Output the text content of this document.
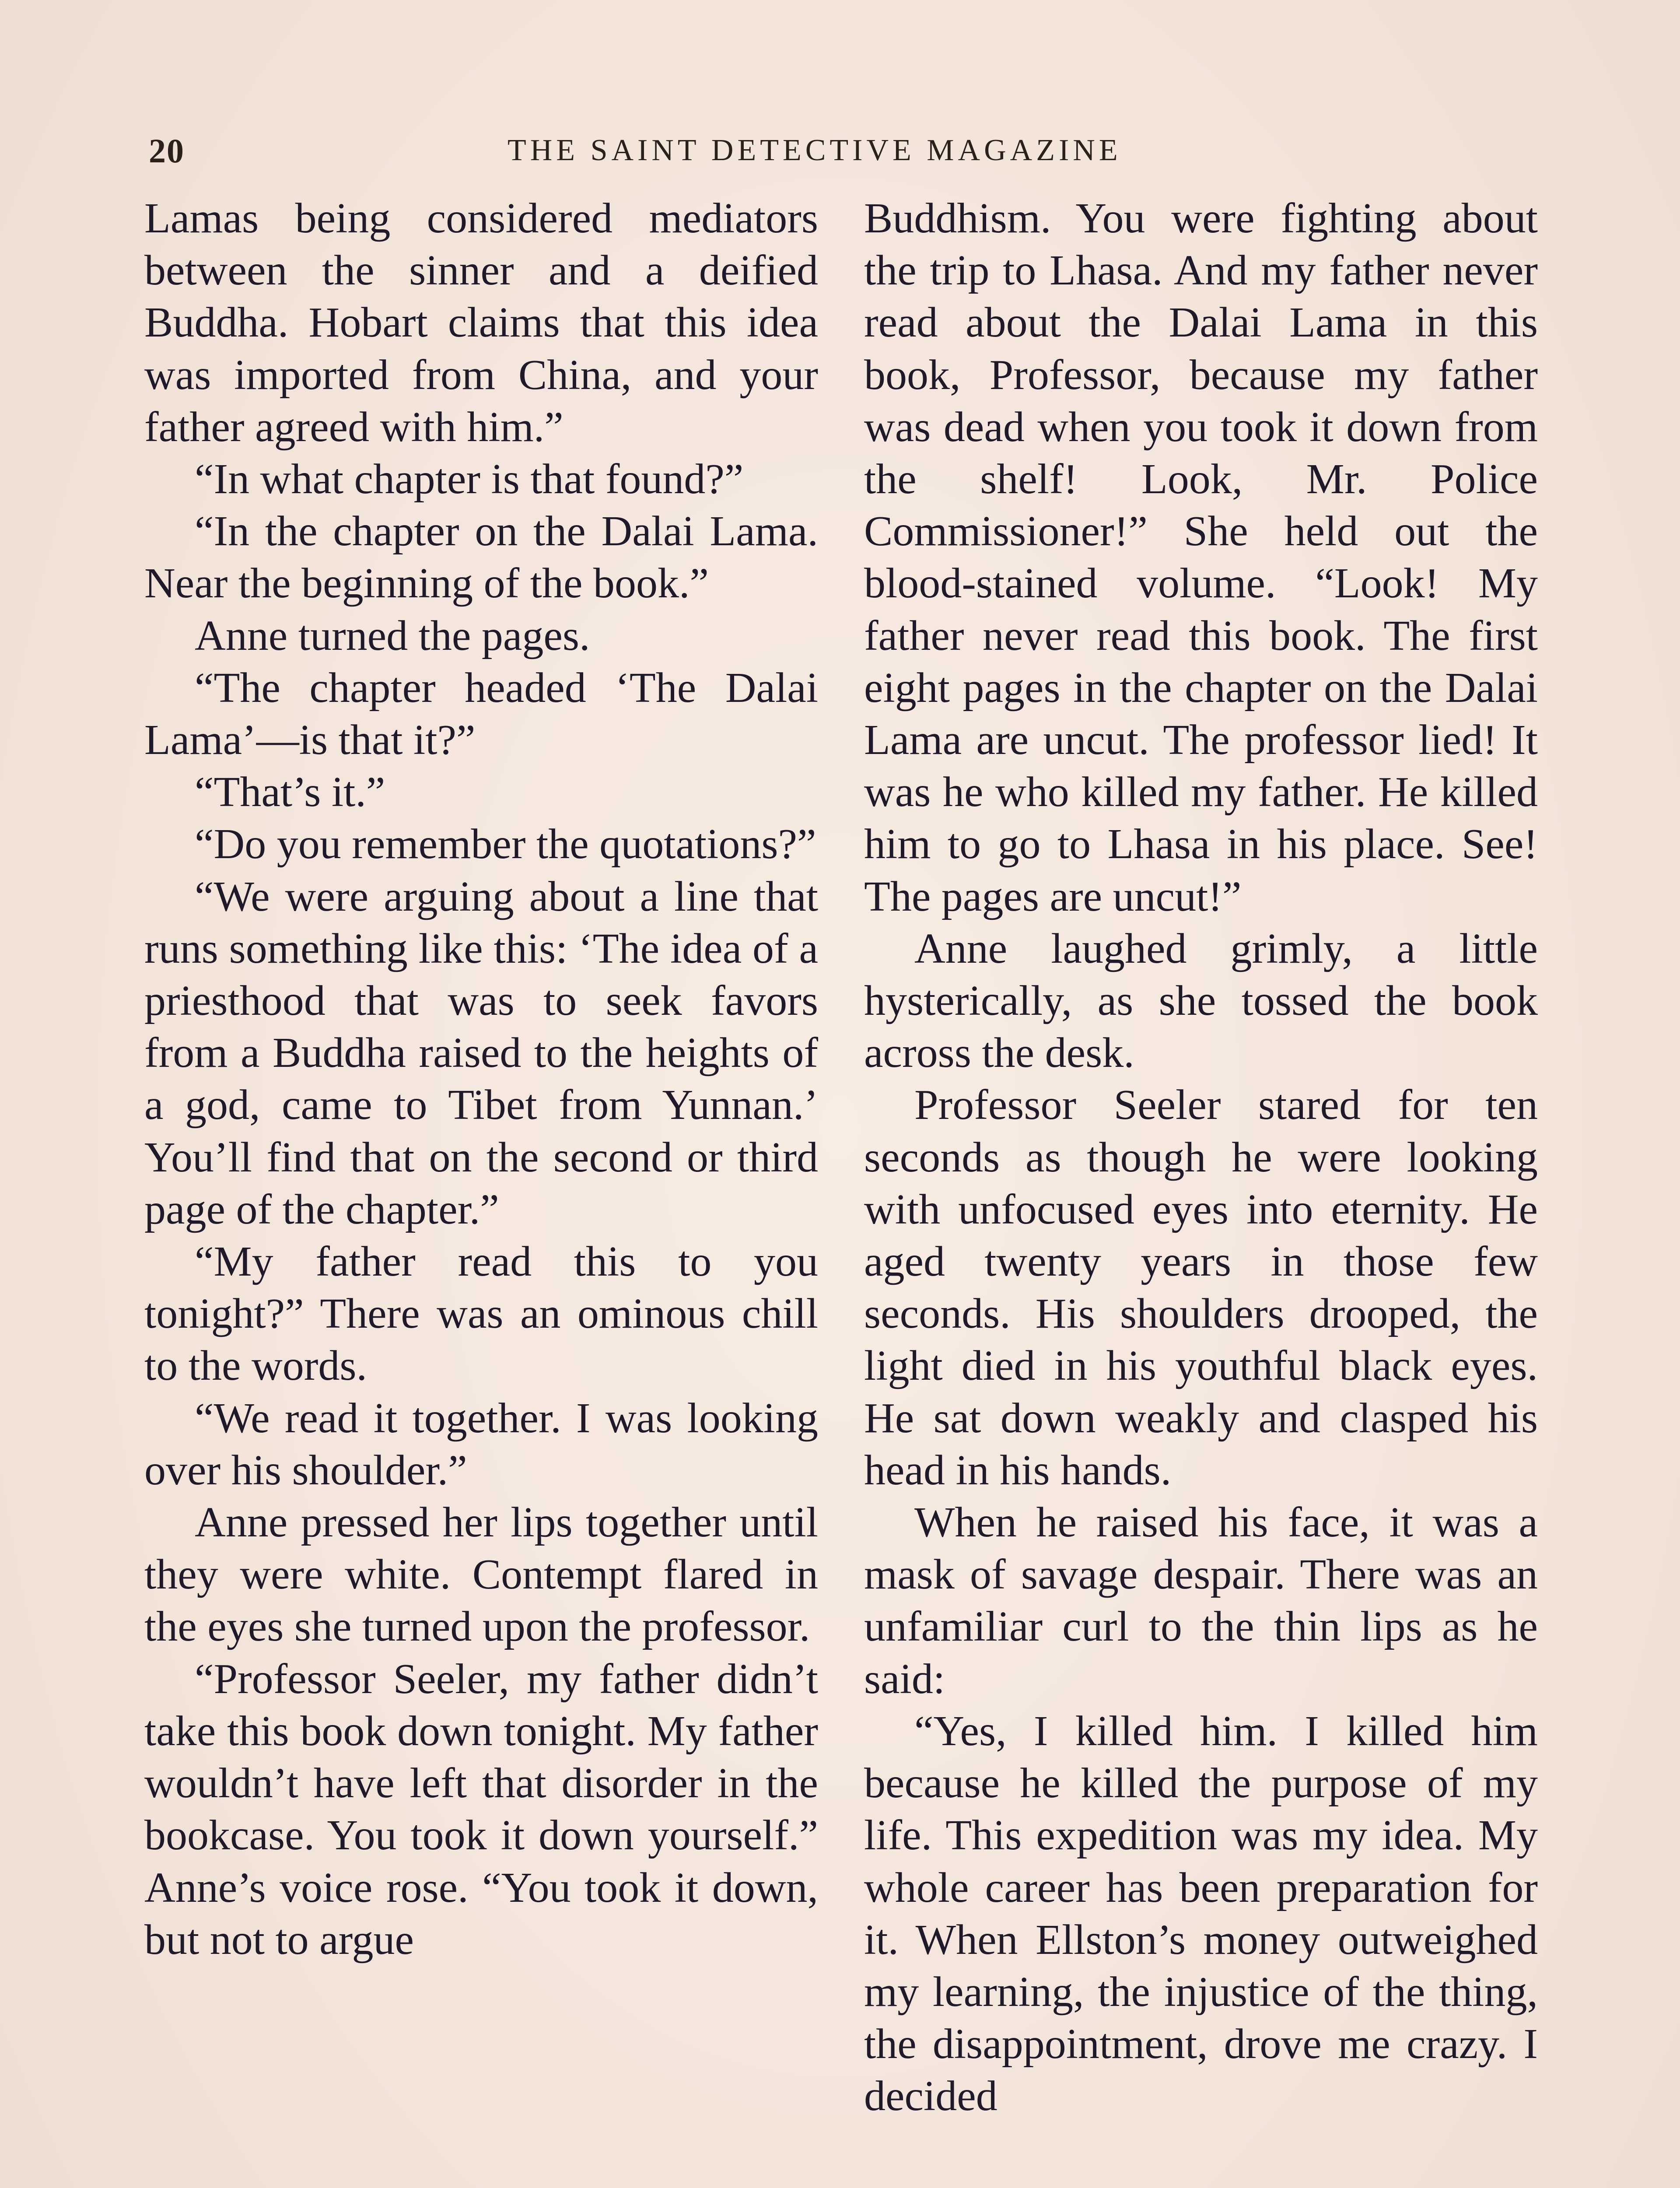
20	THE SAINT DETECTIVE MAGAZINE

Lamas being considered mediators between the sinner and a deified Buddha. Hobart claims that this idea was imported from China, and your father agreed with him.”

“In what chapter is that found?”

“In the chapter on the Dalai Lama. Near the beginning of the book.”

Anne turned the pages.

“The chapter headed ‘The Dalai Lama’—is that it?”

“That’s it.”

“Do you remember the quotations?”

“We were arguing about a line that runs something like this: ‘The idea of a priesthood that was to seek favors from a Buddha raised to the heights of a god, came to Tibet from Yunnan.’ You’ll find that on the second or third page of the chapter.”

“My father read this to you tonight?” There was an ominous chill to the words.

“We read it together. I was looking over his shoulder.”

Anne pressed her lips together until they were white. Contempt flared in the eyes she turned upon the professor.

“Professor Seeler, my father didn’t take this book down tonight. My father wouldn’t have left that disorder in the bookcase. You took it down yourself.” Anne’s voice rose. “You took it down, but not to argue

Buddhism. You were fighting about the trip to Lhasa. And my father never read about the Dalai Lama in this book, Professor, because my father was dead when you took it down from the shelf! Look, Mr. Police Commissioner!” She held out the blood-stained volume. “Look! My father never read this book. The first eight pages in the chapter on the Dalai Lama are uncut. The professor lied! It was he who killed my father. He killed him to go to Lhasa in his place. See! The pages are uncut!”

Anne laughed grimly, a little hysterically, as she tossed the book across the desk.

Professor Seeler stared for ten seconds as though he were looking with unfocused eyes into eternity. He aged twenty years in those few seconds. His shoulders drooped, the light died in his youthful black eyes. He sat down weakly and clasped his head in his hands.

When he raised his face, it was a mask of savage despair. There was an unfamiliar curl to the thin lips as he said:

“Yes, I killed him. I killed him because he killed the purpose of my life. This expedition was my idea. My whole career has been preparation for it. When Ellston’s money outweighed my learning, the injustice of the thing, the disappointment, drove me crazy. I decided
